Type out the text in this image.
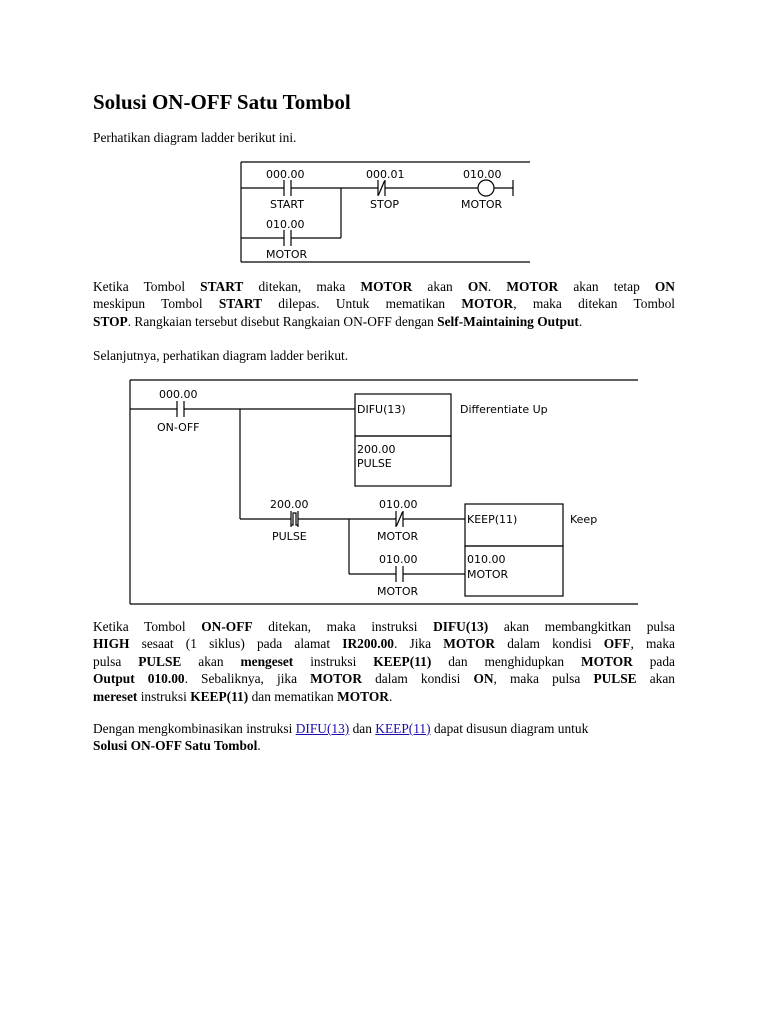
Solusi ON-OFF Satu Tombol

Perhatikan diagram ladder berikut ini.

000.00
START
000.01
STOP
010.00
MOTOR
010.00
MOTOR

Ketika Tombol START ditekan, maka MOTOR akan ON. MOTOR akan tetap ON
meskipun Tombol START dilepas. Untuk mematikan MOTOR, maka ditekan Tombol
STOP. Rangkaian tersebut disebut Rangkaian ON-OFF dengan Self-Maintaining Output.

Selanjutnya, perhatikan diagram ladder berikut.

000.00
ON-OFF
DIFU(13)	Differentiate Up
200.00
PULSE
200.00
PULSE
010.00
MOTOR
KEEP(11)	Keep
010.00
MOTOR
010.00
MOTOR

Ketika Tombol ON-OFF ditekan, maka instruksi DIFU(13) akan membangkitkan pulsa
HIGH sesaat (1 siklus) pada alamat IR200.00. Jika MOTOR dalam kondisi OFF, maka
pulsa PULSE akan mengeset instruksi KEEP(11) dan menghidupkan MOTOR pada
Output 010.00. Sebaliknya, jika MOTOR dalam kondisi ON, maka pulsa PULSE akan
mereset instruksi KEEP(11) dan mematikan MOTOR.

Dengan mengkombinasikan instruksi DIFU(13) dan KEEP(11) dapat disusun diagram untuk
Solusi ON-OFF Satu Tombol.
